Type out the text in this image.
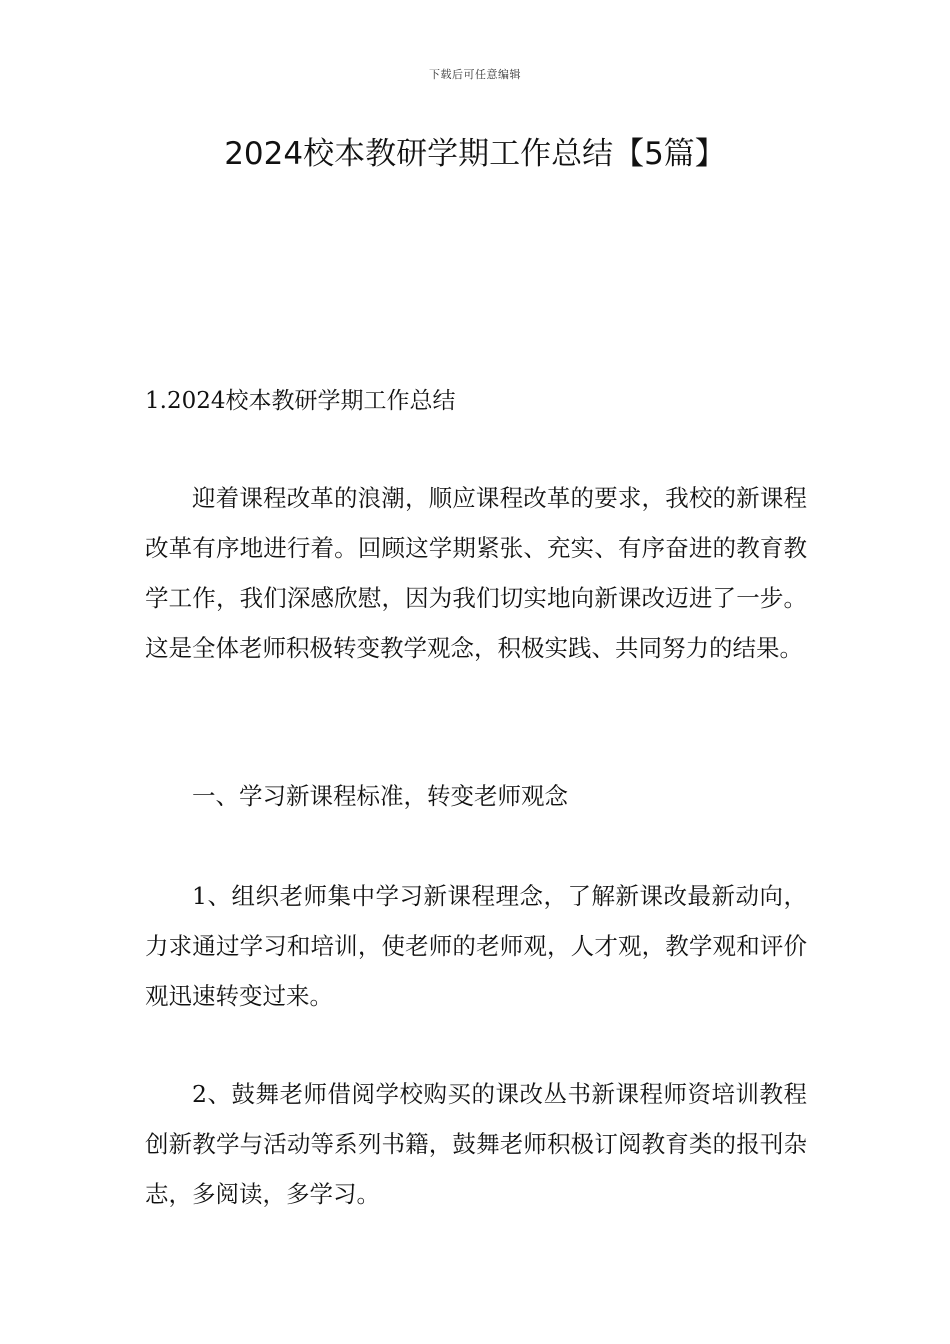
下载后可任意编辑
2024校本教研学期工作总结【5篇】
1.2024校本教研学期工作总结

迎着课程改革的浪潮，顺应课程改革的要求，我校的新课程改革有序地进行着。回顾这学期紧张、充实、有序奋进的教育教学工作，我们深感欣慰，因为我们切实地向新课改迈进了一步。这是全体老师积极转变教学观念，积极实践、共同努力的结果。

一、学习新课程标准，转变老师观念

1、组织老师集中学习新课程理念，了解新课改最新动向，力求通过学习和培训，使老师的老师观，人才观，教学观和评价观迅速转变过来。

2、鼓舞老师借阅学校购买的课改丛书新课程师资培训教程创新教学与活动等系列书籍，鼓舞老师积极订阅教育类的报刊杂志，多阅读，多学习。
